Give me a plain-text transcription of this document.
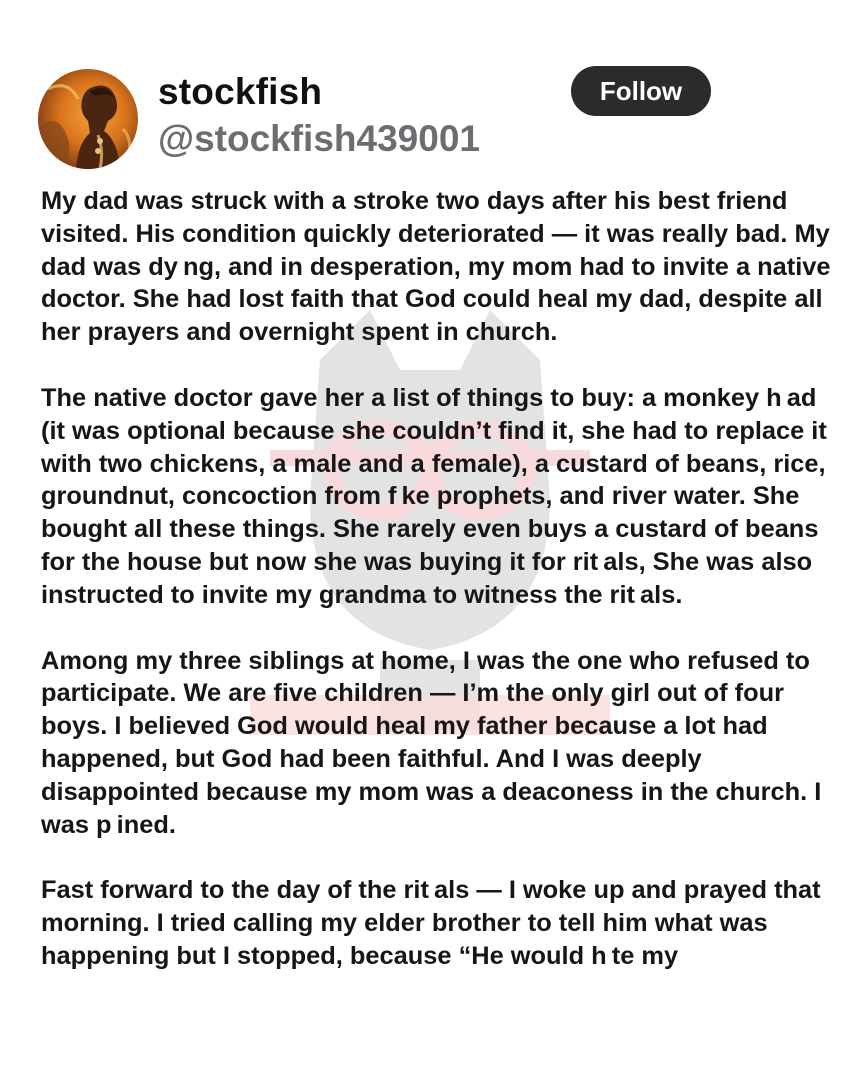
stockfish
@stockfish439001
Follow

My dad was struck with a stroke two days after his best friend visited. His condition quickly deteriorated — it was really bad. My dad was dy ng, and in desperation, my mom had to invite a native doctor. She had lost faith that God could heal my dad, despite all her prayers and overnight spent in church.

The native doctor gave her a list of things to buy: a monkey h ad (it was optional because she couldn’t find it, she had to replace it with two chickens, a male and a female), a custard of beans, rice, groundnut, concoction from f ke prophets, and river water. She bought all these things. She rarely even buys a custard of beans for the house but now she was buying it for rit als, She was also instructed to invite my grandma to witness the rit als.

Among my three siblings at home, I was the one who refused to participate. We are five children — I’m the only girl out of four boys. I believed God would heal my father because a lot had happened, but God had been faithful. And I was deeply disappointed because my mom was a deaconess in the church. I was p ined.

Fast forward to the day of the rit als — I woke up and prayed that morning. I tried calling my elder brother to tell him what was happening but I stopped, because “He would h te my
